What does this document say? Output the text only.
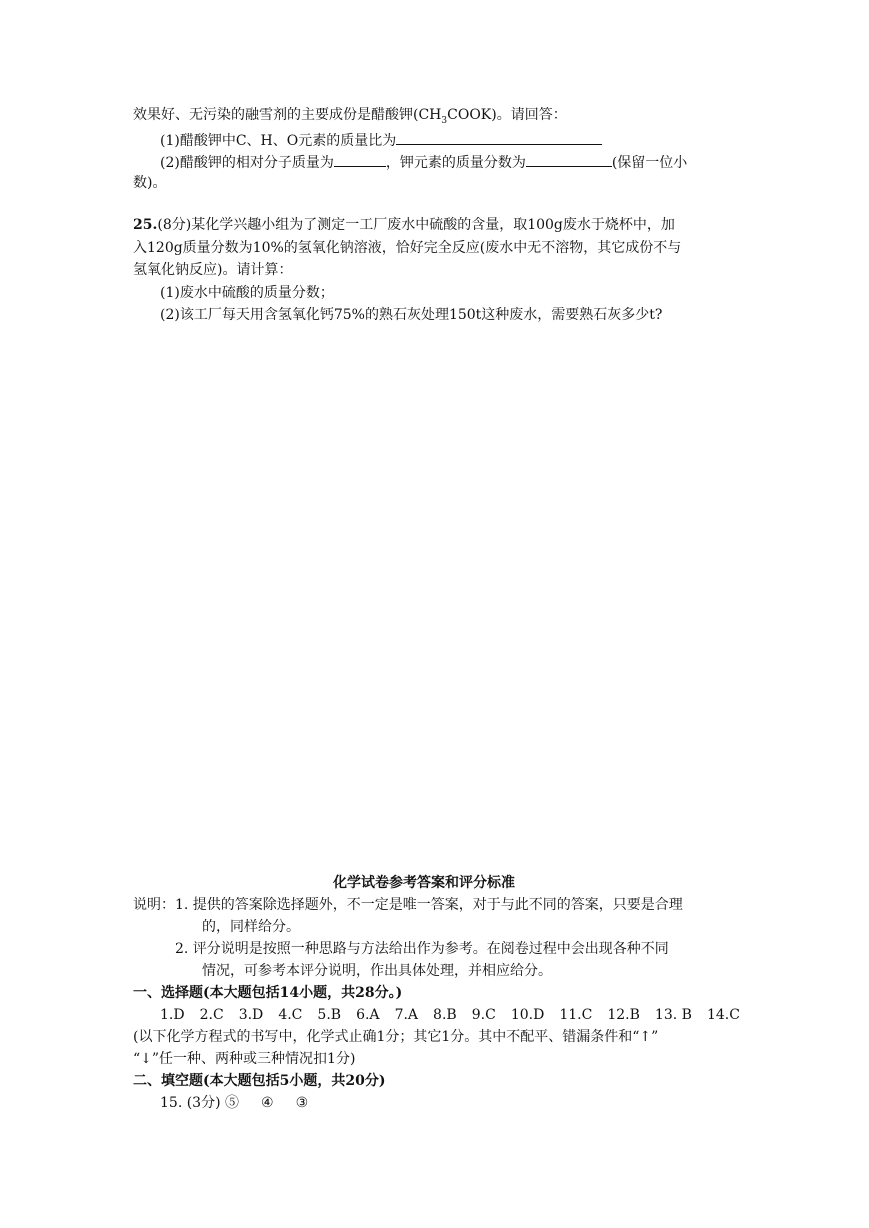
效果好、无污染的融雪剂的主要成份是醋酸钾$(CH_3COOK)$。请回答：
(1)醋酸钾中C、H、O元素的质量比为
(2)醋酸钾的相对分子质量为	，钾元素的质量分数为	(保留一位小
数)。
25.(8分)某化学兴趣小组为了测定一工厂废水中硫酸的含量，取100g废水于烧杯中，加
入120g质量分数为10%的氢氧化钠溶液，恰好完全反应(废水中无不溶物，其它成份不与
氢氧化钠反应)。请计算：
(1)废水中硫酸的质量分数；
(2)该工厂每天用含氢氧化钙75%的熟石灰处理150t这种废水，需要熟石灰多少t?
化学试卷参考答案和评分标准
说明：1. 提供的答案除选择题外，不一定是唯一答案，对于与此不同的答案，只要是合理
的，同样给分。
2. 评分说明是按照一种思路与方法给出作为参考。在阅卷过程中会出现各种不同
情况，可参考本评分说明，作出具体处理，并相应给分。
一、选择题(本大题包括14小题，共28分。)
1.D 2.C 3.D 4.C 5.B 6.A 7.A 8.B 9.C 10.D 11.C 12.B 13. B 14.C
(以下化学方程式的书写中，化学式止确1分；其它1分。其中不配平、错漏条件和“↑”
“↓”任一种、两种或三种情况扣1分)
二、填空题(本大题包括5小题，共20分)
15. (3分) ⑤ ④ ③
